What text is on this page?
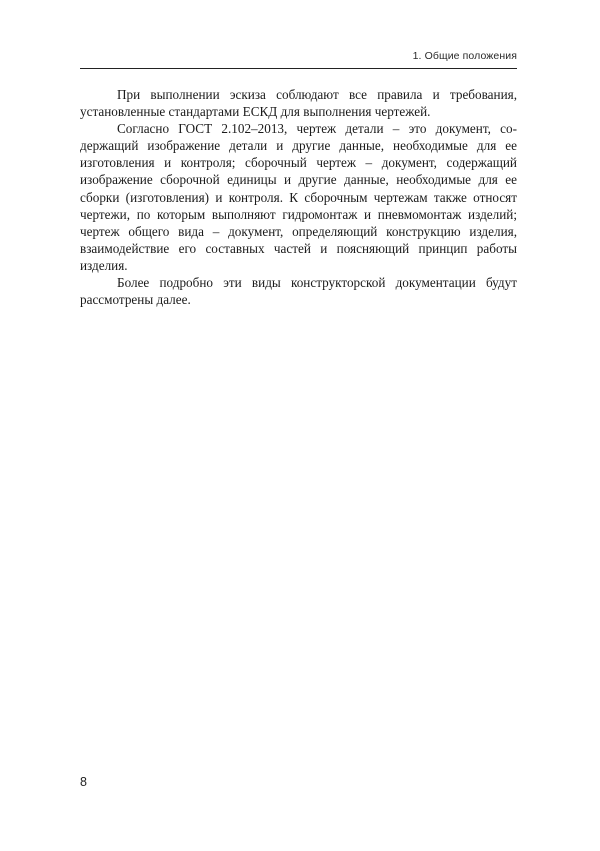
1. Общие положения

При выполнении эскиза соблюдают все правила и требования, установленные стандартами ЕСКД для выполнения чертежей.

Согласно ГОСТ 2.102–2013, чертеж детали – это документ, содержащий изображение детали и другие данные, необходимые для ее изготовления и контроля; сборочный чертеж – документ, содержащий изображение сборочной единицы и другие данные, необходимые для ее сборки (изготовления) и контроля. К сборочным чертежам также относят чертежи, по которым выполняют гидромонтаж и пневмомонтаж изделий; чертеж общего вида – документ, определяющий конструкцию изделия, взаимодействие его составных частей и поясняющий принцип работы изделия.

Более подробно эти виды конструкторской документации будут рассмотрены далее.

8
